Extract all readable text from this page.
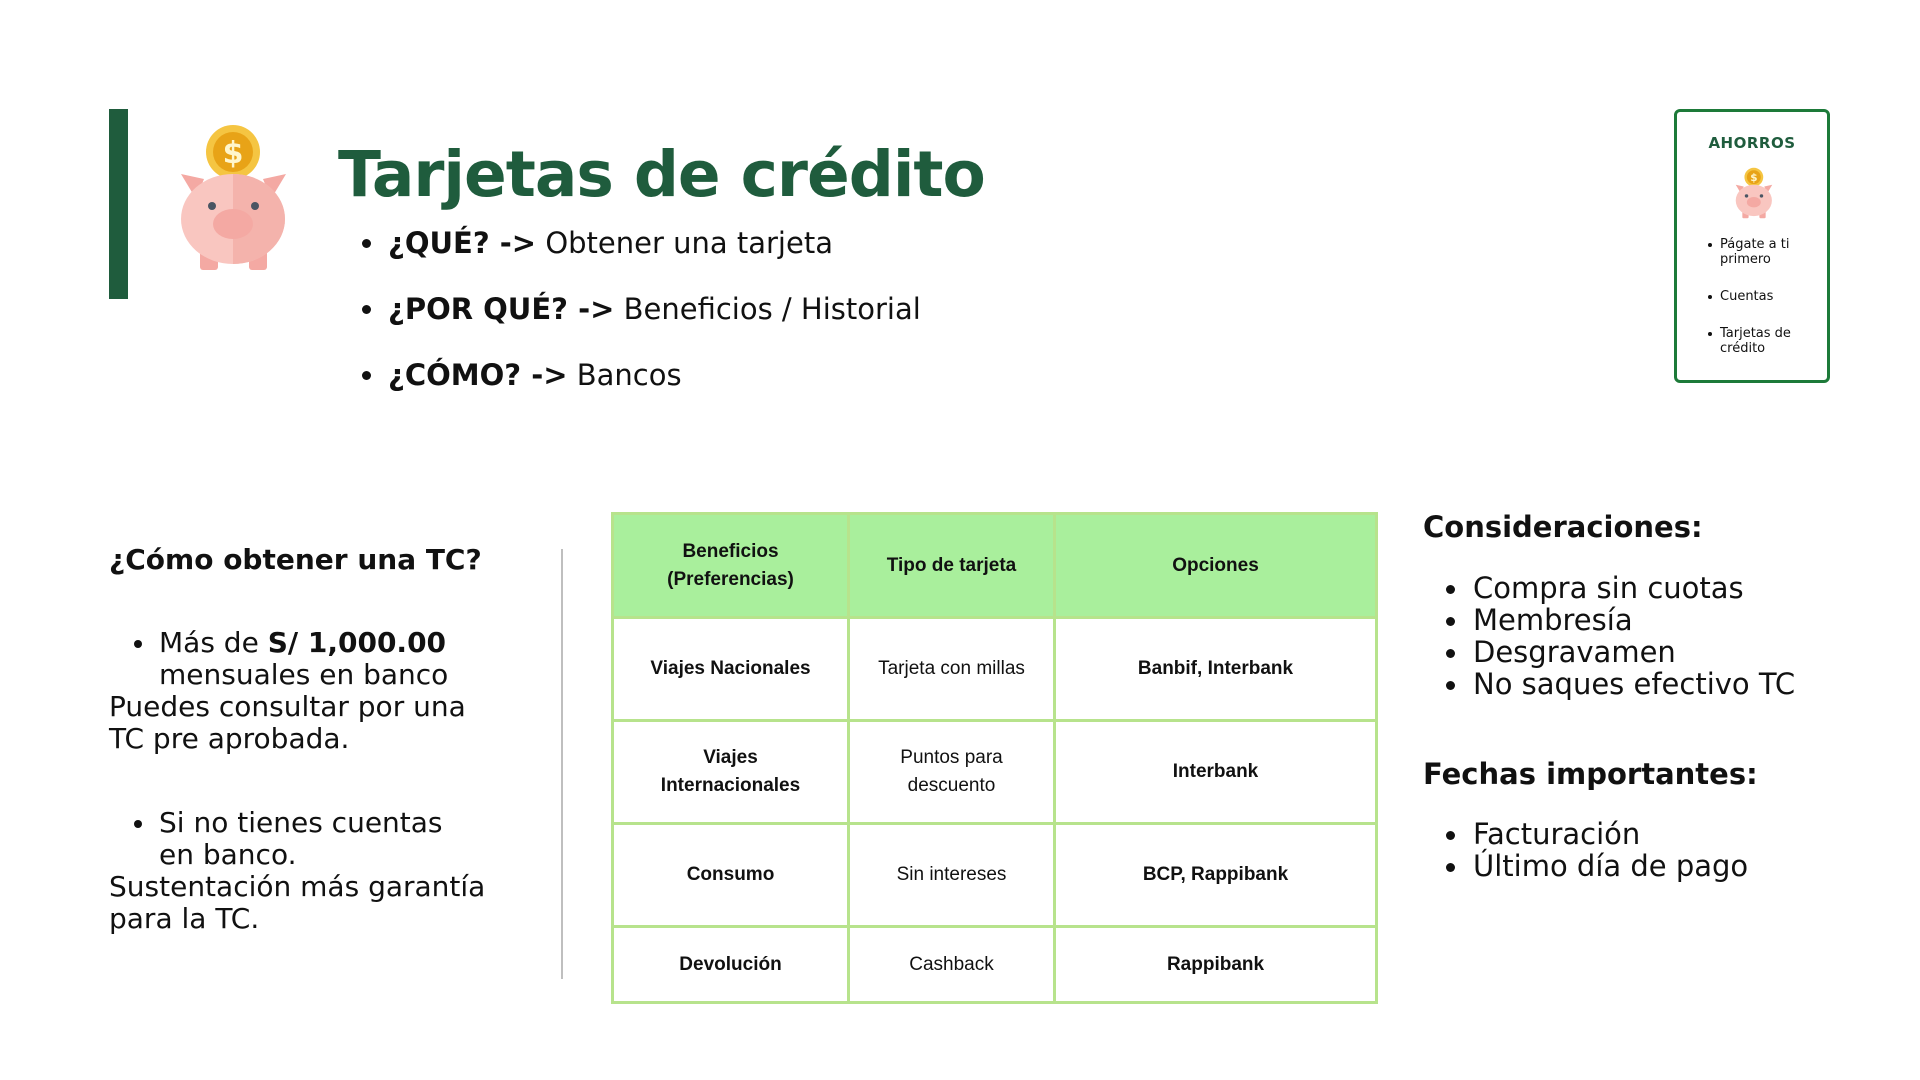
$ Tarjetas de crédito
¿QUÉ? -> Obtener una tarjeta
¿POR QUÉ? -> Beneficios / Historial
¿CÓMO? -> Bancos
AHORROS
$
Págate a ti primero
Cuentas
Tarjetas de crédito
¿Cómo obtener una TC?
Más de S/ 1,000.00
mensuales en banco
Puedes consultar por una TC pre aprobada.
Si no tienes cuentas en banco.
Sustentación más garantía para la TC.
Beneficios (Preferencias)	Tipo de tarjeta	Opciones
Viajes Nacionales	Tarjeta con millas	Banbif, Interbank
Viajes Internacionales	Puntos para descuento	Interbank
Consumo	Sin intereses	BCP, Rappibank
Devolución	Cashback	Rappibank
Consideraciones:
Compra sin cuotas
Membresía
Desgravamen
No saques efectivo TC
Fechas importantes:
Facturación
Último día de pago
